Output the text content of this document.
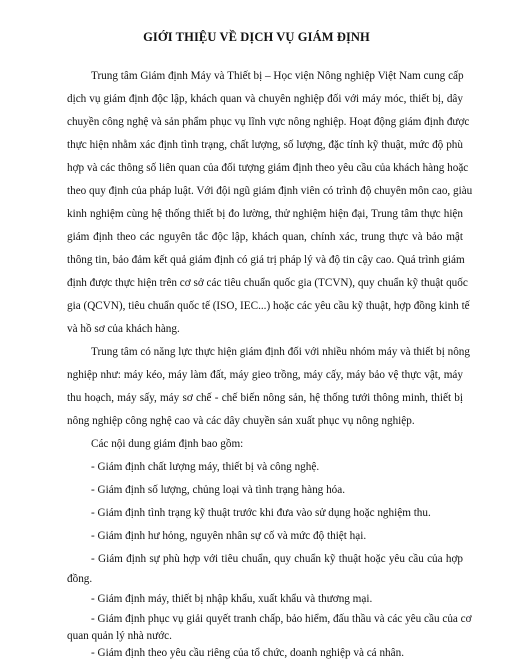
GIỚI THIỆU VỀ DỊCH VỤ GIÁM ĐỊNH
Trung tâm Giám định Máy và Thiết bị – Học viện Nông nghiệp Việt Nam cung cấp
dịch vụ giám định độc lập, khách quan và chuyên nghiệp đối với máy móc, thiết bị, dây
chuyền công nghệ và sản phẩm phục vụ lĩnh vực nông nghiệp. Hoạt động giám định được
thực hiện nhằm xác định tình trạng, chất lượng, số lượng, đặc tính kỹ thuật, mức độ phù
hợp và các thông số liên quan của đối tượng giám định theo yêu cầu của khách hàng hoặc
theo quy định của pháp luật. Với đội ngũ giám định viên có trình độ chuyên môn cao, giàu
kinh nghiệm cùng hệ thống thiết bị đo lường, thử nghiệm hiện đại, Trung tâm thực hiện
giám định theo các nguyên tắc độc lập, khách quan, chính xác, trung thực và bảo mật
thông tin, bảo đảm kết quả giám định có giá trị pháp lý và độ tin cậy cao. Quá trình giám
định được thực hiện trên cơ sở các tiêu chuẩn quốc gia (TCVN), quy chuẩn kỹ thuật quốc
gia (QCVN), tiêu chuẩn quốc tế (ISO, IEC...) hoặc các yêu cầu kỹ thuật, hợp đồng kinh tế
và hồ sơ của khách hàng.
Trung tâm có năng lực thực hiện giám định đối với nhiều nhóm máy và thiết bị nông
nghiệp như: máy kéo, máy làm đất, máy gieo trồng, máy cấy, máy bảo vệ thực vật, máy
thu hoạch, máy sấy, máy sơ chế - chế biến nông sản, hệ thống tưới thông minh, thiết bị
nông nghiệp công nghệ cao và các dây chuyền sản xuất phục vụ nông nghiệp.
Các nội dung giám định bao gồm:
- Giám định chất lượng máy, thiết bị và công nghệ.
- Giám định số lượng, chủng loại và tình trạng hàng hóa.
- Giám định tình trạng kỹ thuật trước khi đưa vào sử dụng hoặc nghiệm thu.
- Giám định hư hỏng, nguyên nhân sự cố và mức độ thiệt hại.
- Giám định sự phù hợp với tiêu chuẩn, quy chuẩn kỹ thuật hoặc yêu cầu của hợp
đồng.
- Giám định máy, thiết bị nhập khẩu, xuất khẩu và thương mại.
- Giám định phục vụ giải quyết tranh chấp, bảo hiểm, đấu thầu và các yêu cầu của cơ
quan quản lý nhà nước.
- Giám định theo yêu cầu riêng của tổ chức, doanh nghiệp và cá nhân.
Kết quả giám định được thể hiện dưới dạng Chứng thư giám định hoặc Báo cáo giám
định, phản ánh trung thực hiện trạng và kết quả đánh giá của đối tượng giám định tại thời
